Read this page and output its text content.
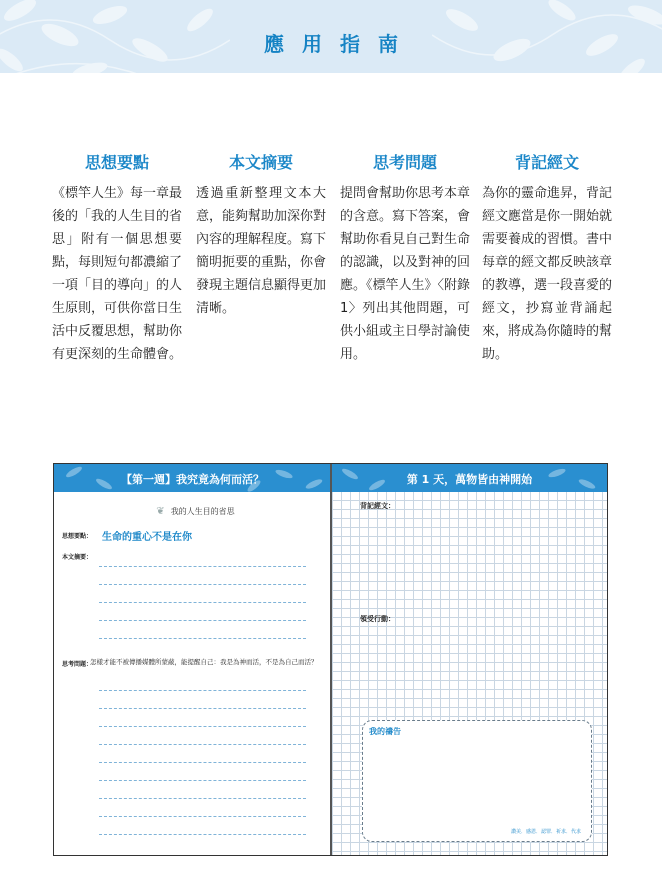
應用指南
思想要點

《標竿人生》每一章最後的「我的人生目的省思」附有一個思想要點，每則短句都濃縮了一項「目的導向」的人生原則，可供你當日生活中反覆思想，幫助你有更深刻的生命體會。

本文摘要

透過重新整理文本大意，能夠幫助加深你對內容的理解程度。寫下簡明扼要的重點，你會發現主題信息顯得更加清晰。

思考問題

提問會幫助你思考本章的含意。寫下答案，會幫助你看見自己對生命的認識，以及對神的回應。《標竿人生》〈附錄 1〉列出其他問題，可供小組或主日學討論使用。

背記經文

為你的靈命進昇，背記經文應當是你一開始就需要養成的習慣。書中每章的經文都反映該章的教導，選一段喜愛的經文，抄寫並背誦起來，將成為你隨時的幫助。

【第一週】我究竟為何而活？
❦ 我的人生目的省思
思想要點： 生命的重心不是在你
本文摘要：
思考問題：
怎樣才能不被傳播媒體所蒙蔽，能提醒自己：我是為神而活，不是為自己而活？
第 1 天，萬物皆由神開始
背記經文：
領受行動：
我的禱告
讚美．感恩．認罪．祈求．代求
